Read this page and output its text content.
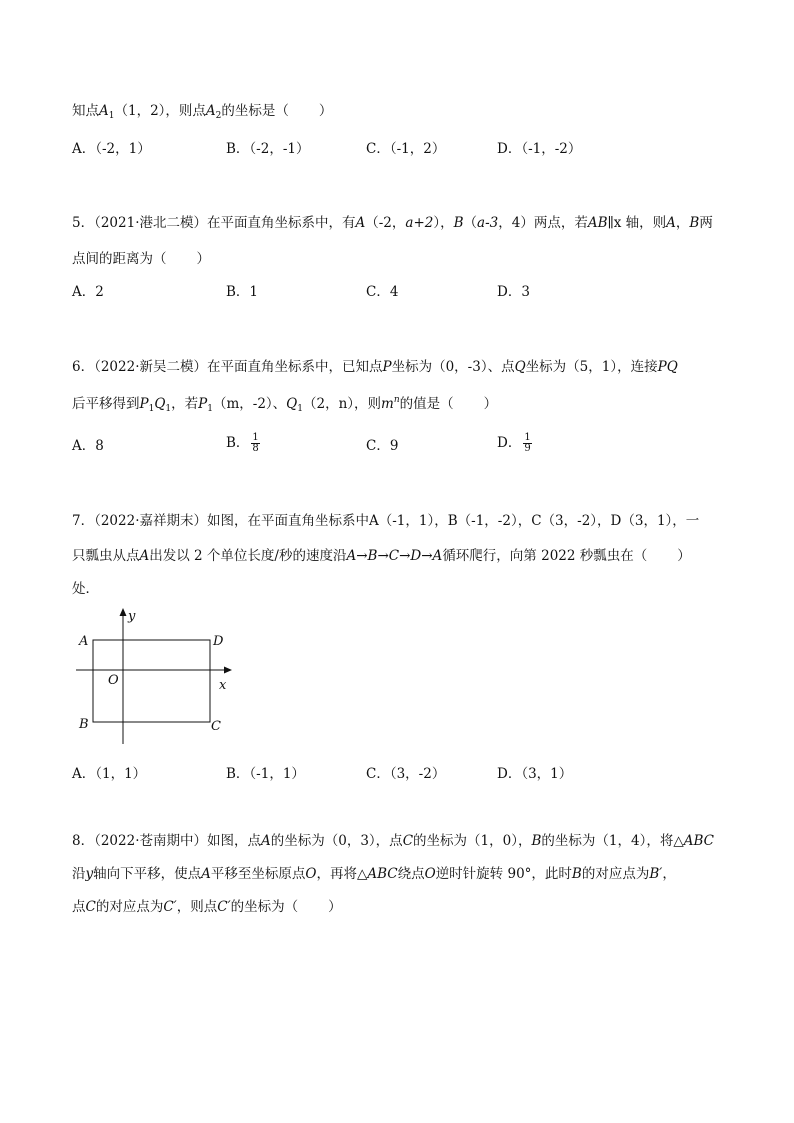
知点$A_1(1$，2），则点$A_2$的坐标是（ ）
A．（-2，1）	B．（-2，-1）	C．（-1，2）	D．（-1，-2）
5．（2021·港北二模）在平面直角坐标系中，有A（-2，a+2），B（a-3，4）两点，若AB∥x 轴，则A，B两
点间的距离为（ ）
A．2	B．1	C．4	D．3
6．（2022·新吴二模）在平面直角坐标系中，已知点P坐标为（0，-3）、点Q坐标为（5，1），连接PQ
后平移得到$P_1Q_1$，若$P_1(m$，-2）、$Q_1(2$，n），则$m^n$的值是（ ）
A．8	B． $\frac{1}{8}$	C．9	D． $\frac{1}{9}$
7．（2022·嘉祥期末）如图，在平面直角坐标系中A（-1，1），B（-1，-2），C（3，-2），D（3，1），一
只瓢虫从点A出发以 2 个单位长度/秒的速度沿A→B→C→D→A循环爬行，向第 2022 秒瓢虫在（ ）
处．
A	D
B	C
O	x
y
A．（1，1）	B．（-1，1）	C．（3，-2）	D．（3，1）
8．（2022·苍南期中）如图，点A的坐标为（0，3），点C的坐标为（1，0），B的坐标为（1，4），将△ABC
沿y轴向下平移，使点A平移至坐标原点O，再将△ABC绕点O逆时针旋转 90°，此时B的对应点为B′，
点C的对应点为C′，则点C′的坐标为（ ）
